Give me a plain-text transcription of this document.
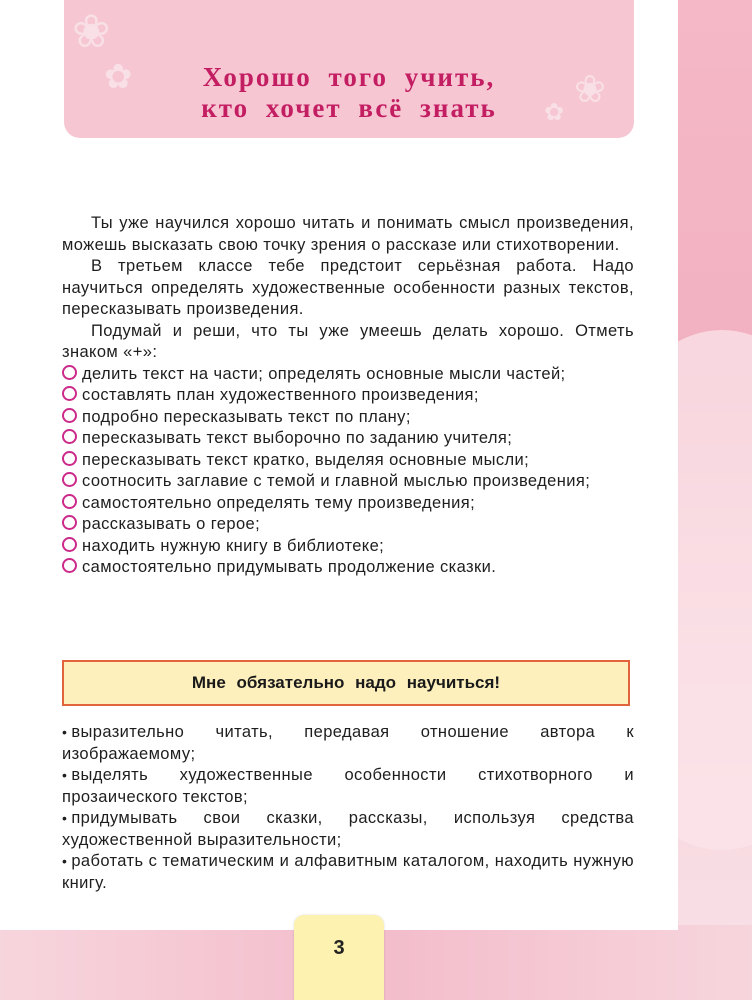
❀
✿	❀
✿
Хорошо того учить,
кто хочет всё знать

Ты уже научился хорошо читать и понимать смысл произведения, можешь высказать свою точку зрения о рассказе или стихотворении.

В третьем классе тебе предстоит серьёзная работа. Надо научиться определять художественные особенности разных текстов, пересказывать произведения.

Подумай и реши, что ты уже умеешь делать хорошо. Отметь знаком «+»:

делить текст на части; определять основные мысли частей;
составлять план художественного произведения;
подробно пересказывать текст по плану;
пересказывать текст выборочно по заданию учителя;
пересказывать текст кратко, выделяя основные мысли;
соотносить заглавие с темой и главной мыслью произведения;
самостоятельно определять тему произведения;
рассказывать о герое;
находить нужную книгу в библиотеке;
самостоятельно придумывать продолжение сказки.
Мне обязательно надо научиться!
• выразительно читать, передавая отношение автора к изображаемому;
• выделять художественные особенности стихотворного и прозаического текстов;
• придумывать свои сказки, рассказы, используя средства художественной выразительности;
• работать с тематическим и алфавитным каталогом, находить нужную книгу.
3
